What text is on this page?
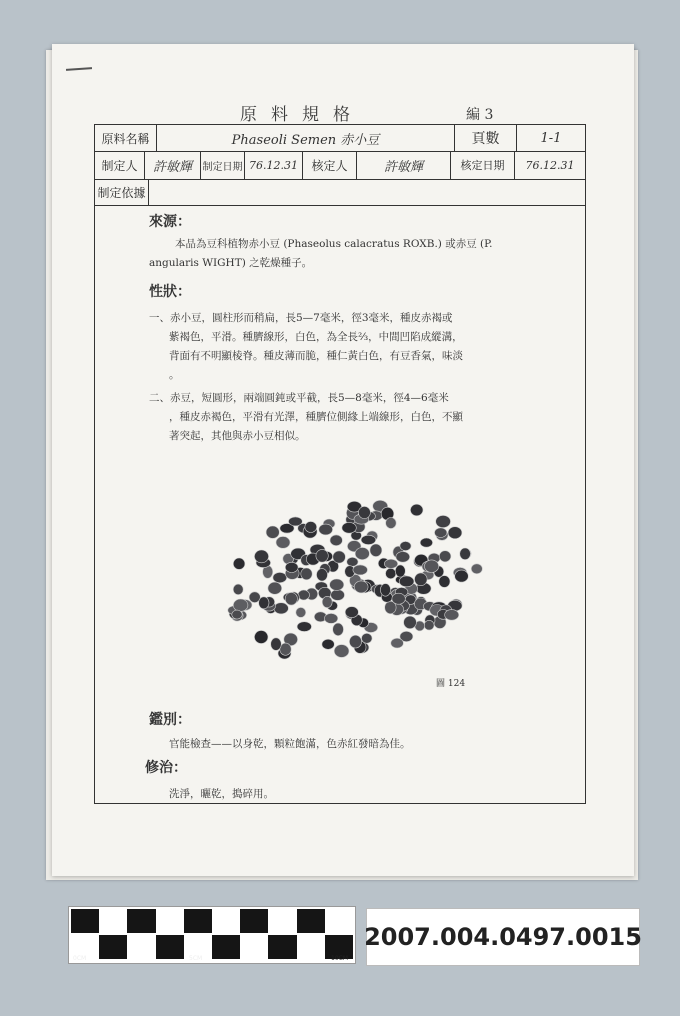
原料規格	編 3
原料名稱	Phaseoli Semen 赤小豆	頁數	1-1
制定人	許敏輝	制定日期 76.12.31	核定人	許敏輝	核定日期	76.12.31
制定依據
來源：
本品為豆科植物赤小豆 (Phaseolus calacratus ROXB.) 或赤豆 (P.
angularis WIGHT) 之乾燥種子。
性狀：
一、赤小豆，圓柱形而稍扁，長5—7毫米，徑3毫米，種皮赤褐或
紫褐色，平滑。種臍線形，白色，為全長⅔，中間凹陷成縱溝，
背面有不明顯棱脊。種皮薄而脆，種仁黃白色，有豆香氣，味淡
。
二、赤豆，短圓形，兩端圓鈍或平截，長5—8毫米，徑4—6毫米
，種皮赤褐色，平滑有光澤，種臍位側緣上端線形，白色，不顯
著突起，其他與赤小豆相似。
鑑別：
官能檢查——以身乾，顆粒飽滿，色赤紅發暗為佳。
修治：
洗淨，曬乾，搗碎用。
圖 124
0CM	5CM	10CM
2007.004.0497.0015
